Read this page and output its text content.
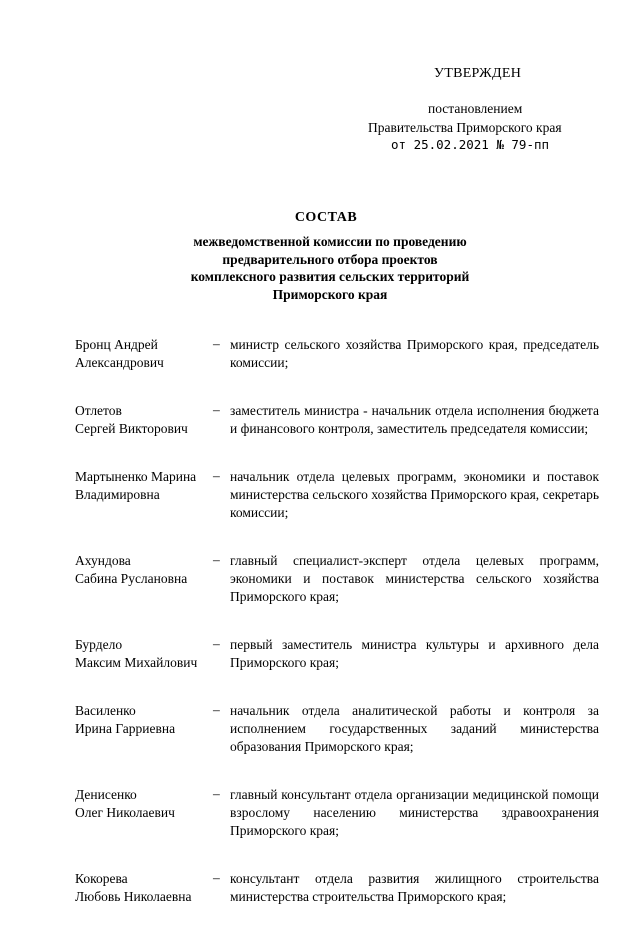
УТВЕРЖДЕН
постановлением
Правительства Приморского края
от 25.02.2021 № 79-пп
СОСТАВ
межведомственной комиссии по проведению
предварительного отбора проектов
комплексного развития сельских территорий
Приморского края
Бронц Андрей
Александрович
– министр сельского хозяйства Приморского края, председатель комиссии;
Отлетов
Сергей Викторович
– заместитель министра - начальник отдела исполнения бюджета и финансового контроля, заместитель председателя комиссии;
Мартыненко Марина
Владимировна
– начальник отдела целевых программ, экономики и поставок министерства сельского хозяйства Приморского края, секретарь комиссии;
Ахундова
Сабина Руслановна
– главный специалист-эксперт отдела целевых программ, экономики и поставок министерства сельского хозяйства Приморского края;
Бурдело
Максим Михайлович
– первый заместитель министра культуры и архивного дела Приморского края;
Василенко
Ирина Гарриевна
– начальник отдела аналитической работы и контроля за исполнением государственных заданий министерства образования Приморского края;
Денисенко
Олег Николаевич
– главный консультант отдела организации медицинской помощи взрослому населению министерства здравоохранения Приморского края;
Кокорева
Любовь Николаевна
– консультант отдела развития жилищного строительства министерства строительства Приморского края;
